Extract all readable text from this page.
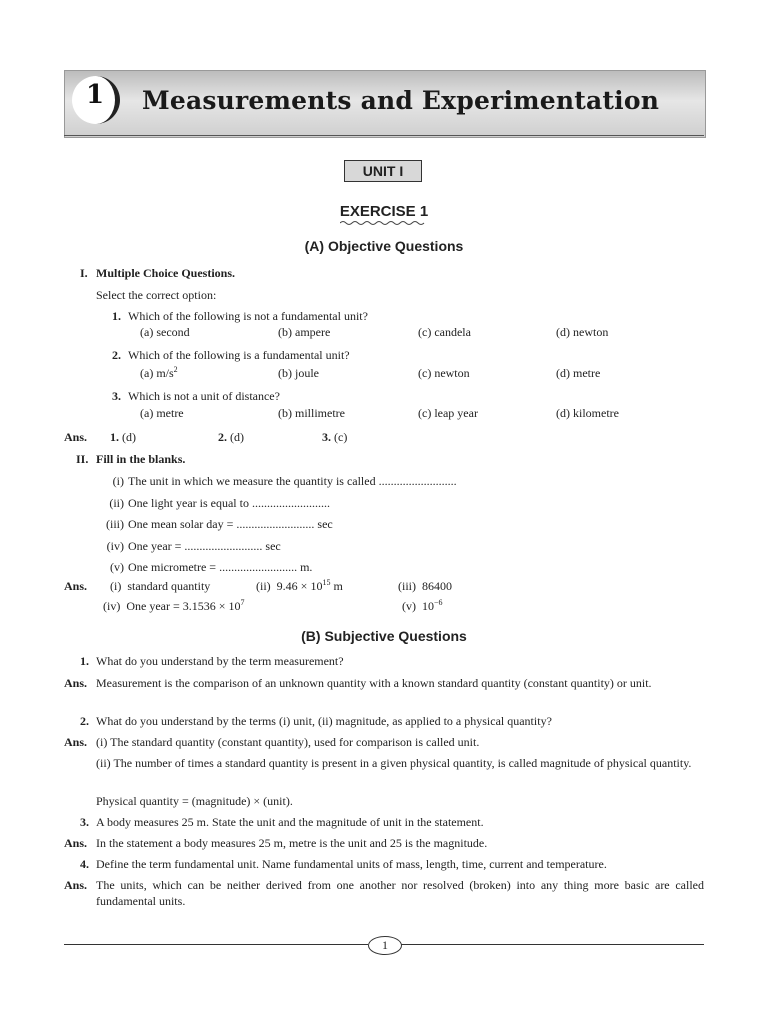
1	Measurements and Experimentation
UNIT I
EXERCISE 1
(A) Objective Questions
I. Multiple Choice Questions.
Select the correct option:
1. Which of the following is not a fundamental unit?
(a) second	(b) ampere	(c) candela	(d) newton
2. Which of the following is a fundamental unit?
(a) $m/s^2$	(b) joule	(c) newton	(d) metre
3. Which is not a unit of distance?
(a) metre	(b) millimetre	(c) leap year	(d) kilometre
Ans. 1. (d)	2. (d)	3. (c)
II. Fill in the blanks.
(i) The unit in which we measure the quantity is called ..........................
(ii) One light year is equal to ..........................
(iii) One mean solar day = .......................... sec
(iv) One year = .......................... sec
(v) One micrometre = .......................... m.
Ans. (i) standard quantity	(ii) $9.46 \times 10^{15}$ m	(iii) 86400
(iv) One year = $3.1536 \times 10^7$	(v) $10^{-6}$
(B) Subjective Questions
1. What do you understand by the term measurement?
Ans. Measurement is the comparison of an unknown quantity with a known standard quantity (constant quantity) or unit.
2. What do you understand by the terms (i) unit, (ii) magnitude, as applied to a physical quantity?
Ans. (i) The standard quantity (constant quantity), used for comparison is called unit.
(ii) The number of times a standard quantity is present in a given physical quantity, is called magnitude of physical quantity.
Physical quantity = (magnitude) × (unit).
3. A body measures 25 m. State the unit and the magnitude of unit in the statement.
Ans. In the statement a body measures 25 m, metre is the unit and 25 is the magnitude.
4. Define the term fundamental unit. Name fundamental units of mass, length, time, current and temperature.
Ans. The units, which can be neither derived from one another nor resolved (broken) into any thing more basic are called fundamental units.
1
